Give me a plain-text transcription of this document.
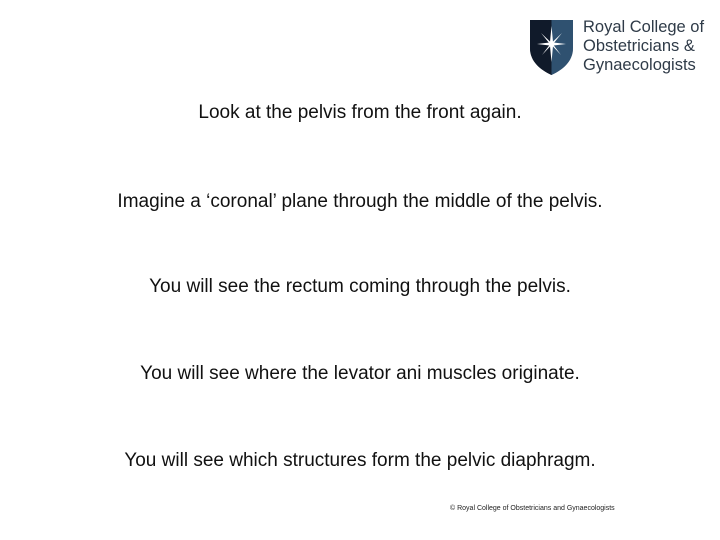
Royal College of
Obstetricians &
Gynaecologists
Look at the pelvis from the front again.
Imagine a ‘coronal’ plane through the middle of the pelvis.
You will see the rectum coming through the pelvis.
You will see where the levator ani muscles originate.
You will see which structures form the pelvic diaphragm.
© Royal College of Obstetricians and Gynaecologists
